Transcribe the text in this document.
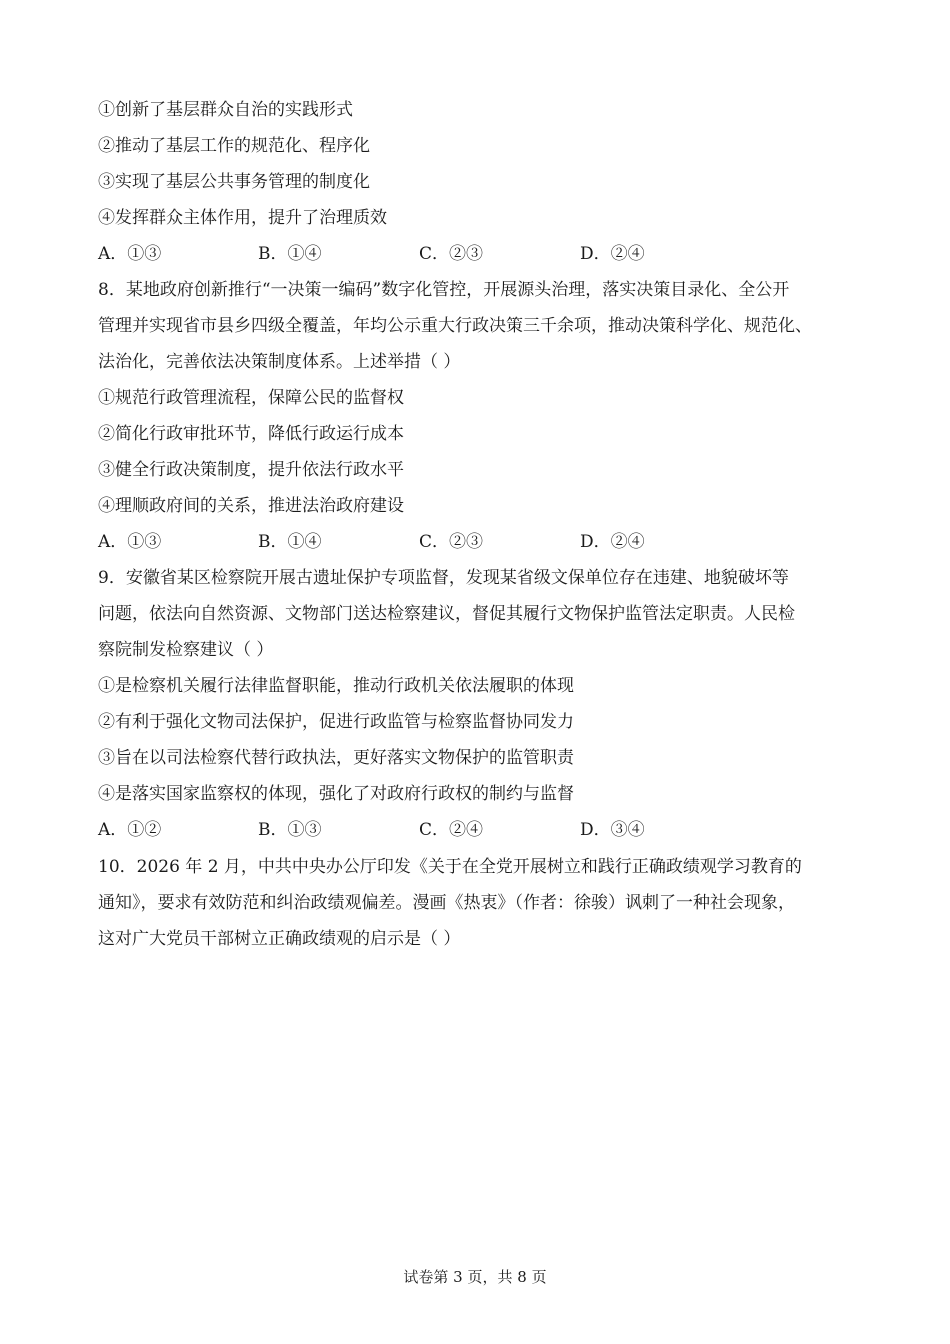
①创新了基层群众自治的实践形式
②推动了基层工作的规范化、程序化
③实现了基层公共事务管理的制度化
④发挥群众主体作用，提升了治理质效
A．①③	B．①④	C．②③	D．②④
8．某地政府创新推行“一决策一编码”数字化管控，开展源头治理，落实决策目录化、全公开
管理并实现省市县乡四级全覆盖，年均公示重大行政决策三千余项，推动决策科学化、规范化、
法治化，完善依法决策制度体系。上述举措（ ）
①规范行政管理流程，保障公民的监督权
②简化行政审批环节，降低行政运行成本
③健全行政决策制度，提升依法行政水平
④理顺政府间的关系，推进法治政府建设
A．①③	B．①④	C．②③	D．②④
9．安徽省某区检察院开展古遗址保护专项监督，发现某省级文保单位存在违建、地貌破坏等
问题，依法向自然资源、文物部门送达检察建议，督促其履行文物保护监管法定职责。人民检
察院制发检察建议（ ）
①是检察机关履行法律监督职能，推动行政机关依法履职的体现
②有利于强化文物司法保护，促进行政监管与检察监督协同发力
③旨在以司法检察代替行政执法，更好落实文物保护的监管职责
④是落实国家监察权的体现，强化了对政府行政权的制约与监督
A．①②	B．①③	C．②④	D．③④
10．2026 年 2 月，中共中央办公厅印发《关于在全党开展树立和践行正确政绩观学习教育的
通知》，要求有效防范和纠治政绩观偏差。漫画《热衷》（作者：徐骏）讽刺了一种社会现象，
这对广大党员干部树立正确政绩观的启示是（ ）
试卷第 3 页，共 8 页
